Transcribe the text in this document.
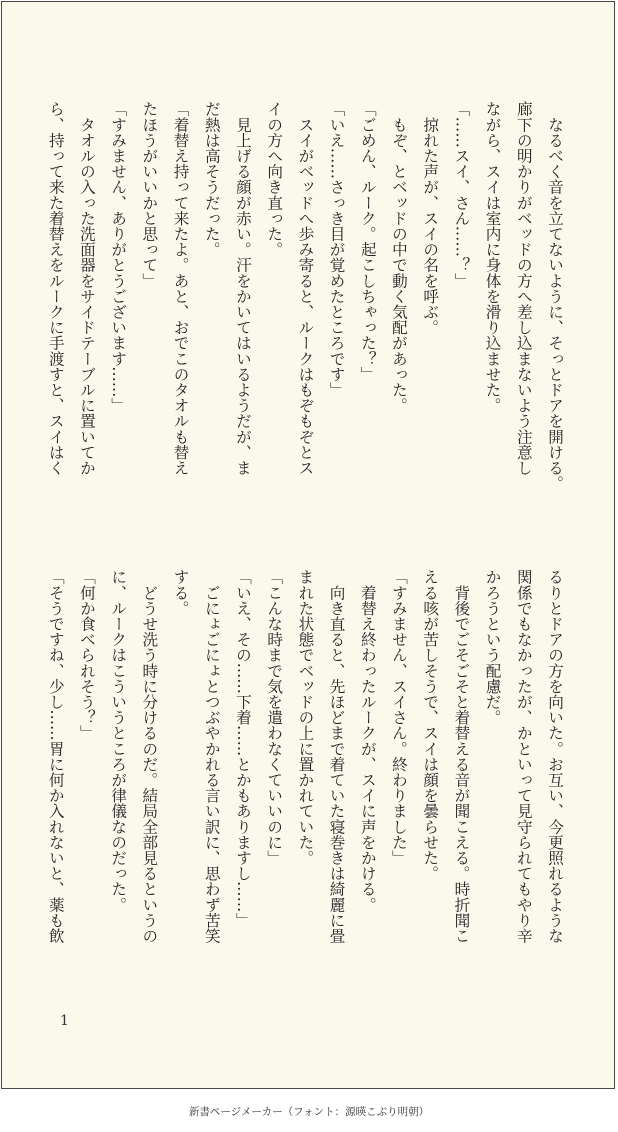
　なるべく音を立てないように、そっとドアを開ける。

廊下の明かりがベッドの方へ差し込まないよう注意し

ながら、スイは室内に身体を滑り込ませた。

「……スイ、さん……？」

　掠れた声が、スイの名を呼ぶ。

　もぞ、とベッドの中で動く気配があった。

「ごめん、ルーク。起こしちゃった？」

「いえ……さっき目が覚めたところです」

　スイがベッドへ歩み寄ると、ルークはもぞもぞとス

イの方へ向き直った。

　見上げる顔が赤い。汗をかいてはいるようだが、ま

だ熱は高そうだった。

「着替え持って来たよ。あと、おでこのタオルも替え

たほうがいいかと思って」

「すみません、ありがとうございます……」

　タオルの入った洗面器をサイドテーブルに置いてか

ら、持って来た着替えをルークに手渡すと、スイはく

るりとドアの方を向いた。お互い、今更照れるような

関係でもなかったが、かといって見守られてもやり辛

かろうという配慮だ。

　背後でごそごそと着替える音が聞こえる。時折聞こ

える咳が苦しそうで、スイは顔を曇らせた。

「すみません、スイさん。終わりました」

　着替え終わったルークが、スイに声をかける。

　向き直ると、先ほどまで着ていた寝巻きは綺麗に畳

まれた状態でベッドの上に置かれていた。

「こんな時まで気を遣わなくていいのに」

「いえ、その……下着……とかもありますし……」

　ごにょごにょとつぶやかれる言い訳に、思わず苦笑

する。

　どうせ洗う時に分けるのだ。結局全部見るというの

に、ルークはこういうところが律儀なのだった。

「何か食べられそう？」

「そうですね、少し……胃に何か入れないと、薬も飲

1
新書ページメーカー（フォント：源暎こぶり明朝）
